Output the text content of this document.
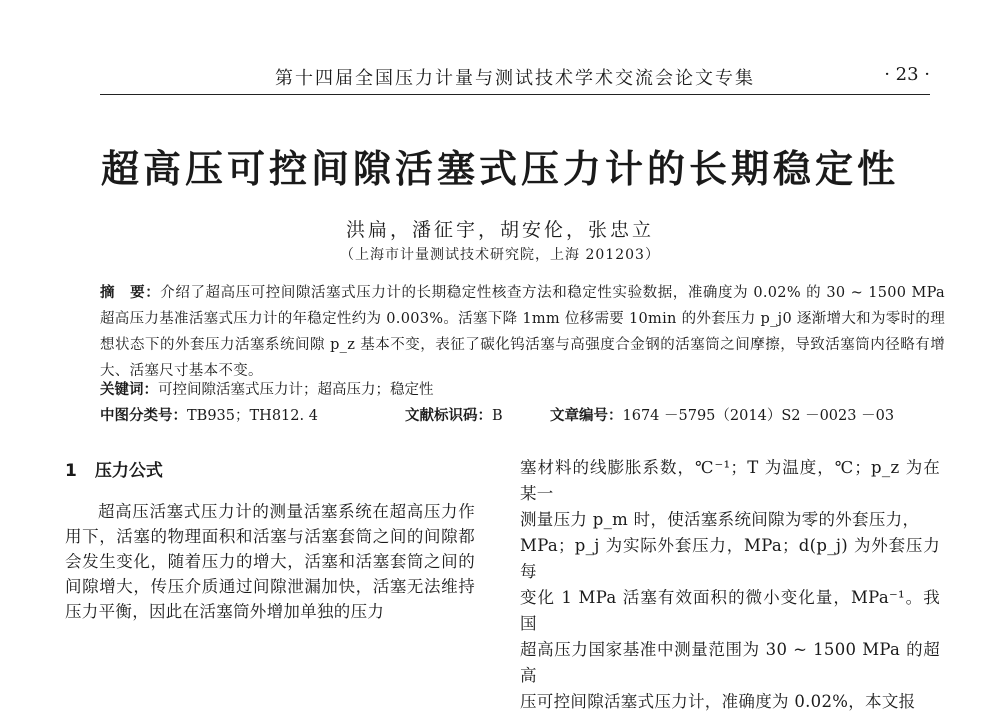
第十四届全国压力计量与测试技术学术交流会论文专集	· 23 ·
超高压可控间隙活塞式压力计的长期稳定性
洪扁，潘征宇，胡安伦，张忠立
（上海市计量测试技术研究院，上海 201203）
摘　要：介绍了超高压可控间隙活塞式压力计的长期稳定性核查方法和稳定性实验数据，准确度为 0.02% 的 30 ~ 1500 MPa 超高压力基准活塞式压力计的年稳定性约为 0.003%。活塞下降 1mm 位移需要 10min 的外套压力 p_j0 逐渐增大和为零时的理想状态下的外套压力活塞系统间隙 p_z 基本不变，表征了碳化钨活塞与高强度合金钢的活塞筒之间摩擦，导致活塞筒内径略有增大、活塞尺寸基本不变。
关键词：可控间隙活塞式压力计；超高压力；稳定性
中图分类号：TB935；TH812. 4	文献标识码：B	文章编号：1674 －5795（2014）S2 －0023 －03
1 压力公式

超高压活塞式压力计的测量活塞系统在超高压力作用下，活塞的物理面积和活塞与活塞套筒之间的间隙都会发生变化，随着压力的增大，活塞和活塞套筒之间的间隙增大，传压介质通过间隙泄漏加快，活塞无法维持压力平衡，因此在活塞筒外增加单独的压力

塞材料的线膨胀系数，℃⁻¹；T 为温度，℃；p_z 为在某一
测量压力 p_m 时，使活塞系统间隙为零的外套压力，
MPa；p_j 为实际外套压力，MPa；d(p_j) 为外套压力每
变化 1 MPa 活塞有效面积的微小变化量，MPa⁻¹。我国
超高压力国家基准中测量范围为 30 ~ 1500 MPa 的超高
压可控间隙活塞式压力计，准确度为 0.02%，本文报
